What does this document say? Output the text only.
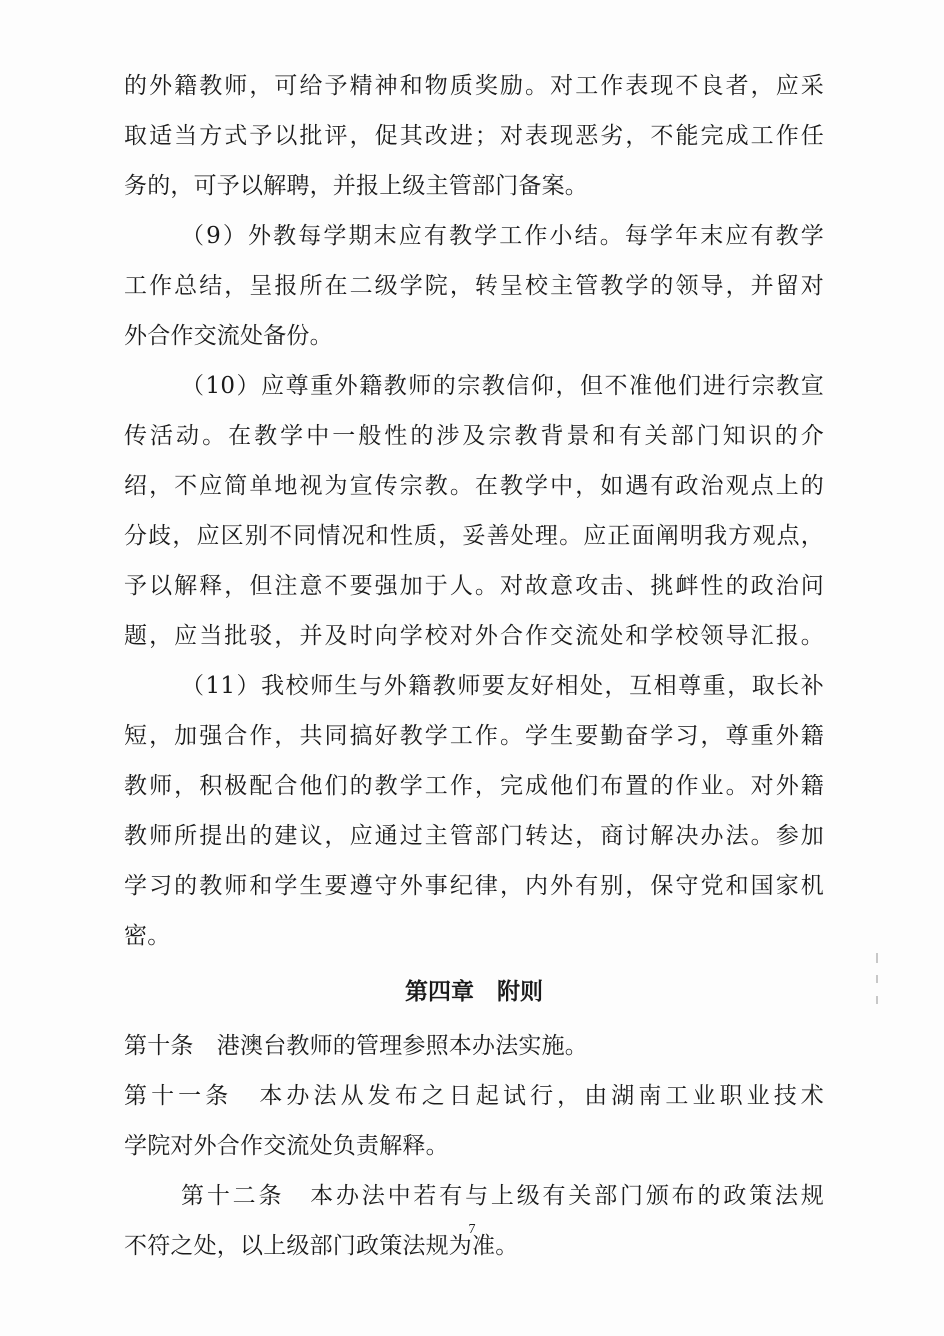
的外籍教师，可给予精神和物质奖励。对工作表现不良者，应采
取适当方式予以批评，促其改进；对表现恶劣，不能完成工作任
务的，可予以解聘，并报上级主管部门备案。
（9）外教每学期末应有教学工作小结。每学年末应有教学
工作总结，呈报所在二级学院，转呈校主管教学的领导，并留对
外合作交流处备份。
（10）应尊重外籍教师的宗教信仰，但不准他们进行宗教宣
传活动。在教学中一般性的涉及宗教背景和有关部门知识的介
绍，不应简单地视为宣传宗教。在教学中，如遇有政治观点上的
分歧，应区别不同情况和性质，妥善处理。应正面阐明我方观点，
予以解释，但注意不要强加于人。对故意攻击、挑衅性的政治问
题，应当批驳，并及时向学校对外合作交流处和学校领导汇报。
（11）我校师生与外籍教师要友好相处，互相尊重，取长补
短，加强合作，共同搞好教学工作。学生要勤奋学习，尊重外籍
教师，积极配合他们的教学工作，完成他们布置的作业。对外籍
教师所提出的建议，应通过主管部门转达，商讨解决办法。参加
学习的教师和学生要遵守外事纪律，内外有别，保守党和国家机
密。
第四章　附则
第十条　港澳台教师的管理参照本办法实施。
第十一条　本办法从发布之日起试行，由湖南工业职业技术
学院对外合作交流处负责解释。
第十二条　本办法中若有与上级有关部门颁布的政策法规
不符之处，以上级部门政策法规为准。
7
